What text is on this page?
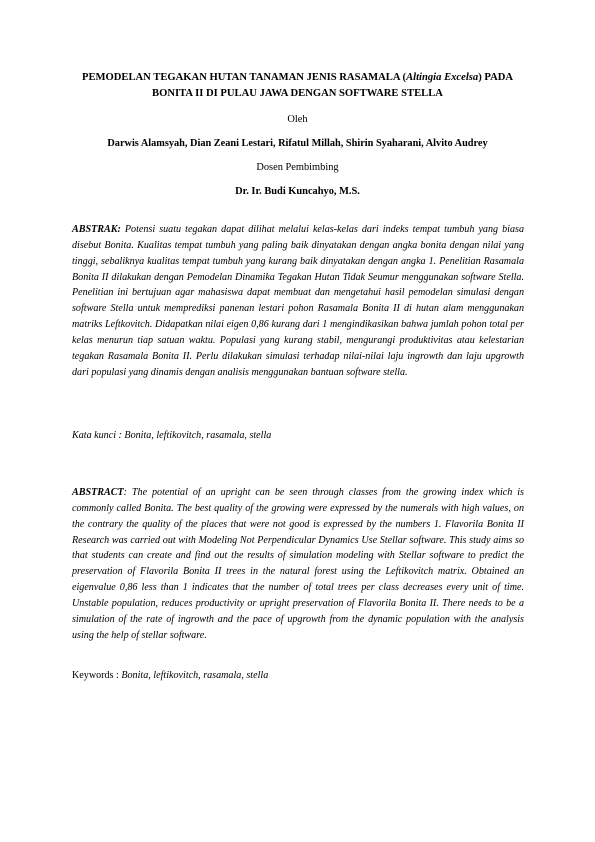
PEMODELAN TEGAKAN HUTAN TANAMAN JENIS RASAMALA (Altingia Excelsa) PADA BONITA II DI PULAU JAWA DENGAN SOFTWARE STELLA
Oleh
Darwis Alamsyah, Dian Zeani Lestari, Rifatul Millah, Shirin Syaharani, Alvito Audrey
Dosen Pembimbing
Dr. Ir. Budi Kuncahyo, M.S.

ABSTRAK: Potensi suatu tegakan dapat dilihat melalui kelas-kelas dari indeks tempat tumbuh yang biasa disebut Bonita. Kualitas tempat tumbuh yang paling baik dinyatakan dengan angka bonita dengan nilai yang tinggi, sebaliknya kualitas tempat tumbuh yang kurang baik dinyatakan dengan angka 1. Penelitian Rasamala Bonita II dilakukan dengan Pemodelan Dinamika Tegakan Hutan Tidak Seumur menggunakan software Stella. Penelitian ini bertujuan agar mahasiswa dapat membuat dan mengetahui hasil pemodelan simulasi dengan software Stella untuk memprediksi panenan lestari pohon Rasamala Bonita II di hutan alam menggunakan matriks Leftkovitch. Didapatkan nilai eigen 0,86 kurang dari 1 mengindikasikan bahwa jumlah pohon total per kelas menurun tiap satuan waktu. Populasi yang kurang stabil, mengurangi produktivitas atau kelestarian tegakan Rasamala Bonita II. Perlu dilakukan simulasi terhadap nilai-nilai laju ingrowth dan laju upgrowth dari populasi yang dinamis dengan analisis menggunakan bantuan software stella.

Kata kunci : Bonita, leftikovitch, rasamala, stella

ABSTRACT: The potential of an upright can be seen through classes from the growing index which is commonly called Bonita. The best quality of the growing were expressed by the numerals with high values, on the contrary the quality of the places that were not good is expressed by the numbers 1. Flavorila Bonita II Research was carried out with Modeling Not Perpendicular Dynamics Use Stellar software. This study aims so that students can create and find out the results of simulation modeling with Stellar software to predict the preservation of Flavorila Bonita II trees in the natural forest using the Leftikovitch matrix. Obtained an eigenvalue 0,86 less than 1 indicates that the number of total trees per class decreases every unit of time. Unstable population, reduces productivity or upright preservation of Flavorila Bonita II. There needs to be a simulation of the rate of ingrowth and the pace of upgrowth from the dynamic population with the analysis using the help of stellar software.

Keywords : Bonita, leftikovitch, rasamala, stella
